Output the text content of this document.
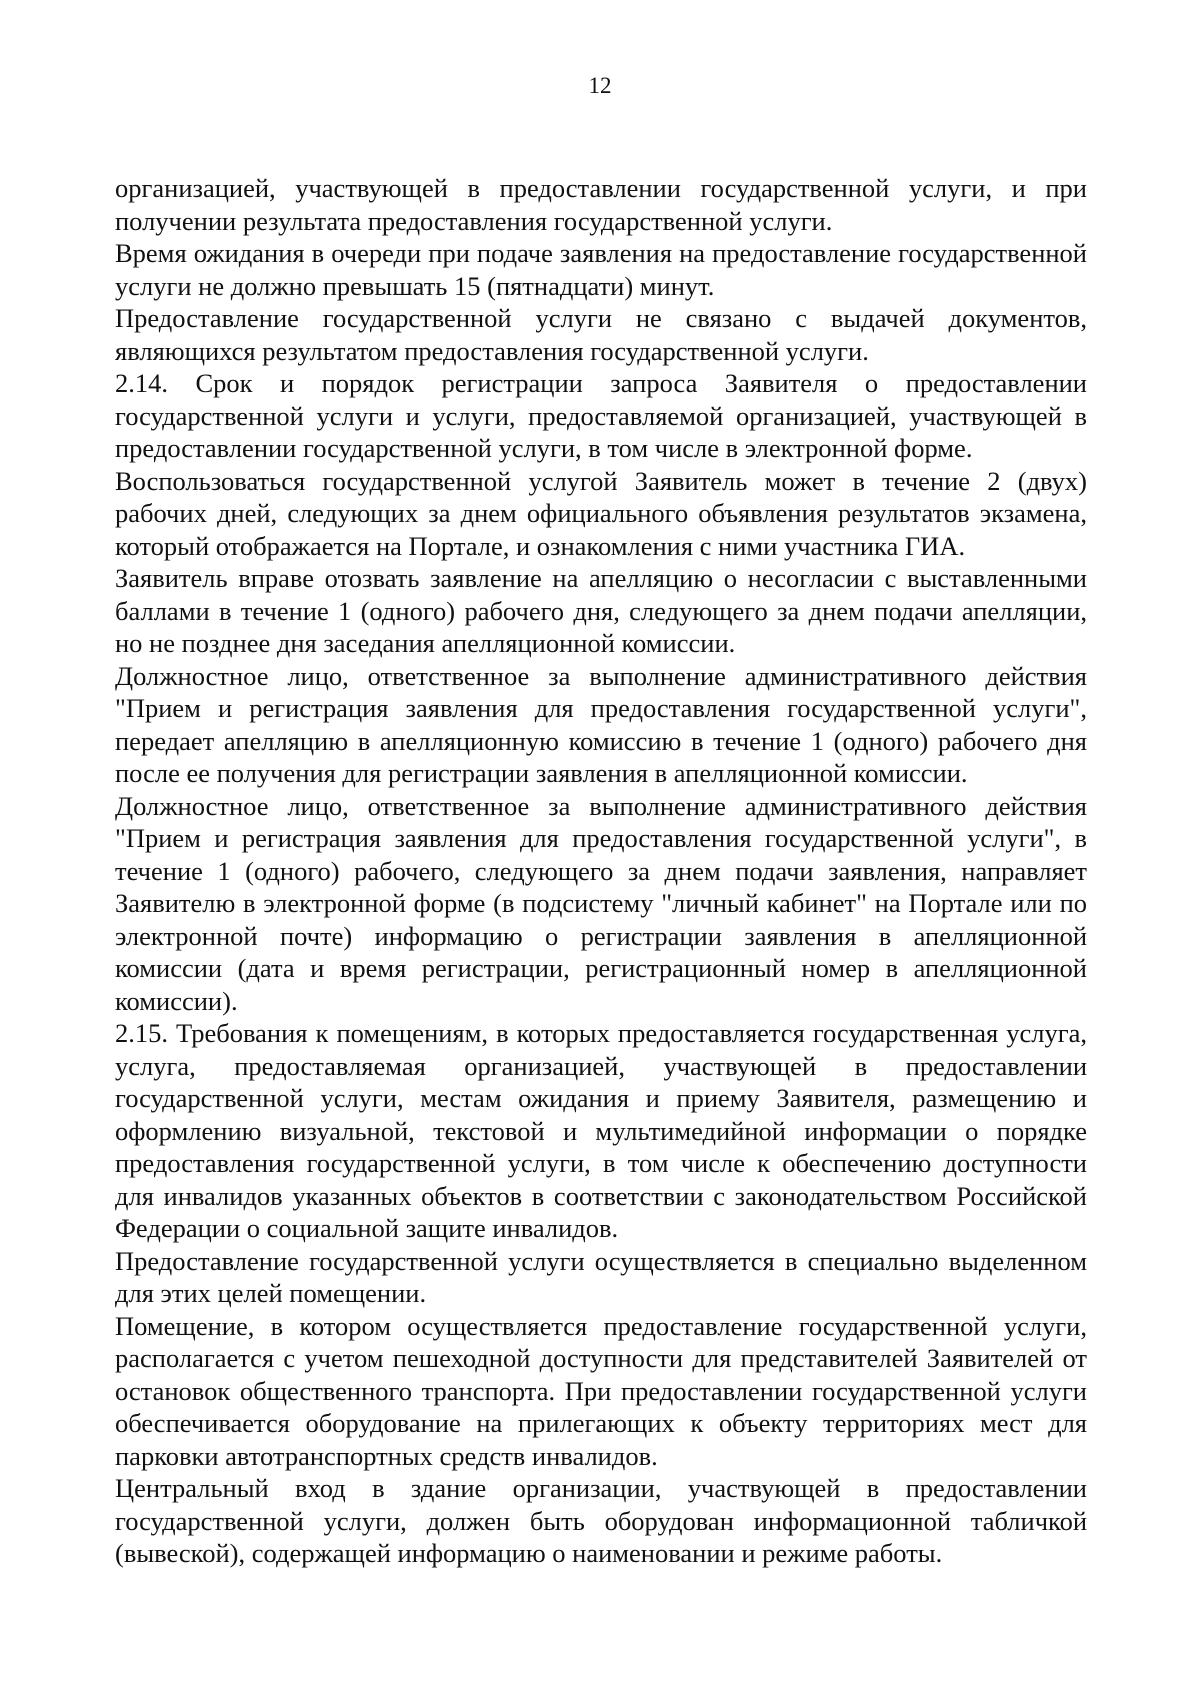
12

организацией, участвующей в предоставлении государственной услуги, и при получении результата предоставления государственной услуги.

Время ожидания в очереди при подаче заявления на предоставление государственной услуги не должно превышать 15 (пятнадцати) минут.

Предоставление государственной услуги не связано с выдачей документов, являющихся результатом предоставления государственной услуги.

2.14. Срок и порядок регистрации запроса Заявителя о предоставлении государственной услуги и услуги, предоставляемой организацией, участвующей в предоставлении государственной услуги, в том числе в электронной форме.

Воспользоваться государственной услугой Заявитель может в течение 2 (двух) рабочих дней, следующих за днем официального объявления результатов экзамена, который отображается на Портале, и ознакомления с ними участника ГИА.

Заявитель вправе отозвать заявление на апелляцию о несогласии с выставленными баллами в течение 1 (одного) рабочего дня, следующего за днем подачи апелляции, но не позднее дня заседания апелляционной комиссии.

Должностное лицо, ответственное за выполнение административного действия "Прием и регистрация заявления для предоставления государственной услуги", передает апелляцию в апелляционную комиссию в течение 1 (одного) рабочего дня после ее получения для регистрации заявления в апелляционной комиссии.

Должностное лицо, ответственное за выполнение административного действия "Прием и регистрация заявления для предоставления государственной услуги", в течение 1 (одного) рабочего, следующего за днем подачи заявления, направляет Заявителю в электронной форме (в подсистему "личный кабинет" на Портале или по электронной почте) информацию о регистрации заявления в апелляционной комиссии (дата и время регистрации, регистрационный номер в апелляционной комиссии).

2.15. Требования к помещениям, в которых предоставляется государственная услуга, услуга, предоставляемая организацией, участвующей в предоставлении государственной услуги, местам ожидания и приему Заявителя, размещению и оформлению визуальной, текстовой и мультимедийной информации о порядке предоставления государственной услуги, в том числе к обеспечению доступности для инвалидов указанных объектов в соответствии с законодательством Российской Федерации о социальной защите инвалидов.

Предоставление государственной услуги осуществляется в специально выделенном для этих целей помещении.

Помещение, в котором осуществляется предоставление государственной услуги, располагается с учетом пешеходной доступности для представителей Заявителей от остановок общественного транспорта. При предоставлении государственной услуги обеспечивается оборудование на прилегающих к объекту территориях мест для парковки автотранспортных средств инвалидов.

Центральный вход в здание организации, участвующей в предоставлении государственной услуги, должен быть оборудован информационной табличкой (вывеской), содержащей информацию о наименовании и режиме работы.
